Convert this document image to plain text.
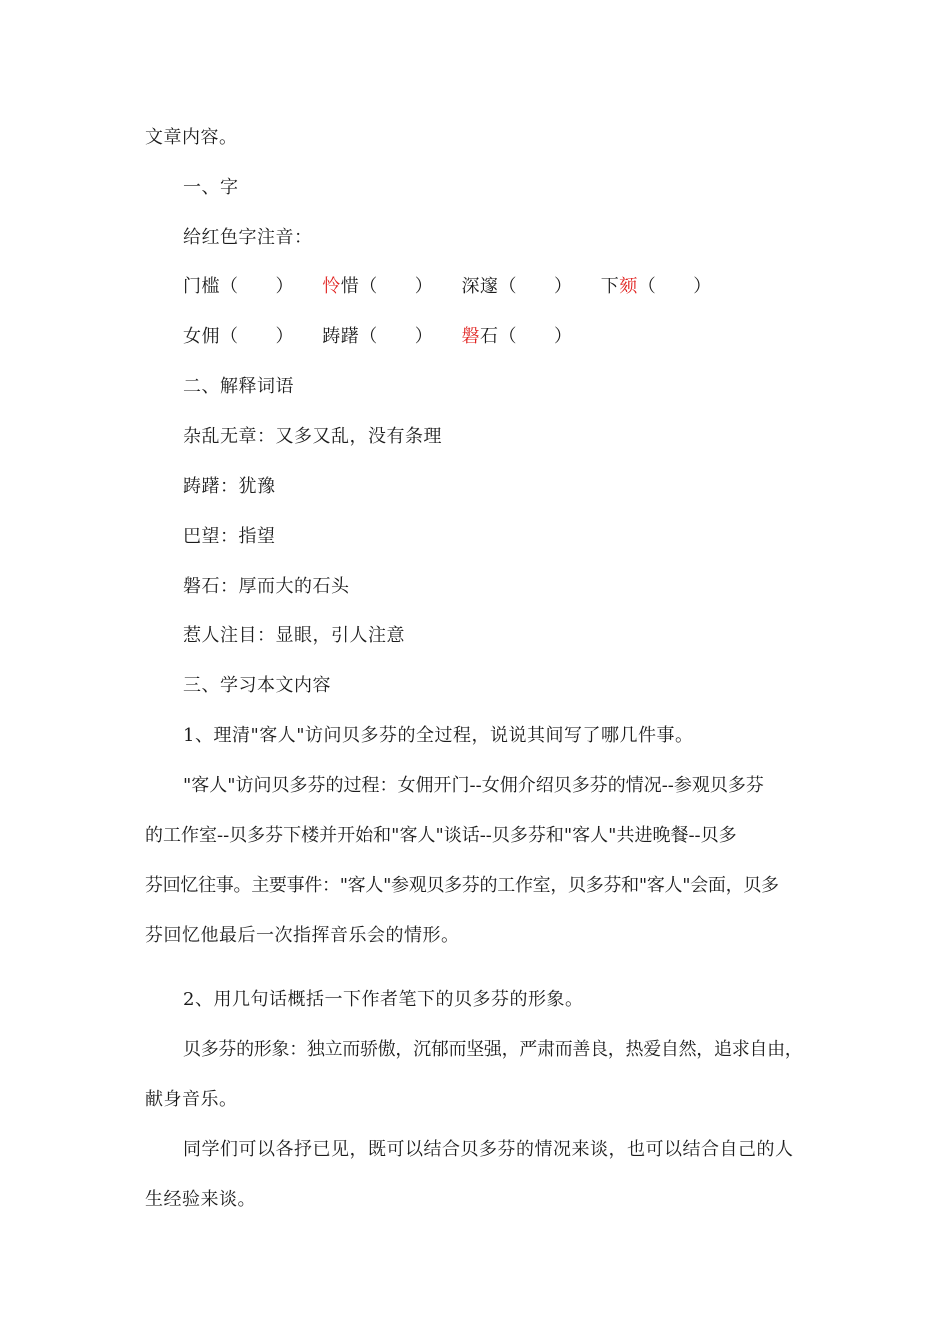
文章内容。
一、字
给红色字注音：
门槛（　　） 怜惜（　　） 深邃（　　） 下颏（　　）
女佣（　　） 踌躇（　　） 磐石（　　）
二、解释词语
杂乱无章：又多又乱，没有条理
踌躇：犹豫
巴望：指望
磐石：厚而大的石头
惹人注目：显眼，引人注意
三、学习本文内容
1、理清"客人"访问贝多芬的全过程，说说其间写了哪几件事。
"客人"访问贝多芬的过程：女佣开门--女佣介绍贝多芬的情况--参观贝多芬
的工作室--贝多芬下楼并开始和"客人"谈话--贝多芬和"客人"共进晚餐--贝多
芬回忆往事。主要事件："客人"参观贝多芬的工作室，贝多芬和"客人"会面，贝多
芬回忆他最后一次指挥音乐会的情形。
2、用几句话概括一下作者笔下的贝多芬的形象。
贝多芬的形象：独立而骄傲，沉郁而坚强，严肃而善良，热爱自然，追求自由，
献身音乐。
同学们可以各抒已见，既可以结合贝多芬的情况来谈，也可以结合自己的人
生经验来谈。
